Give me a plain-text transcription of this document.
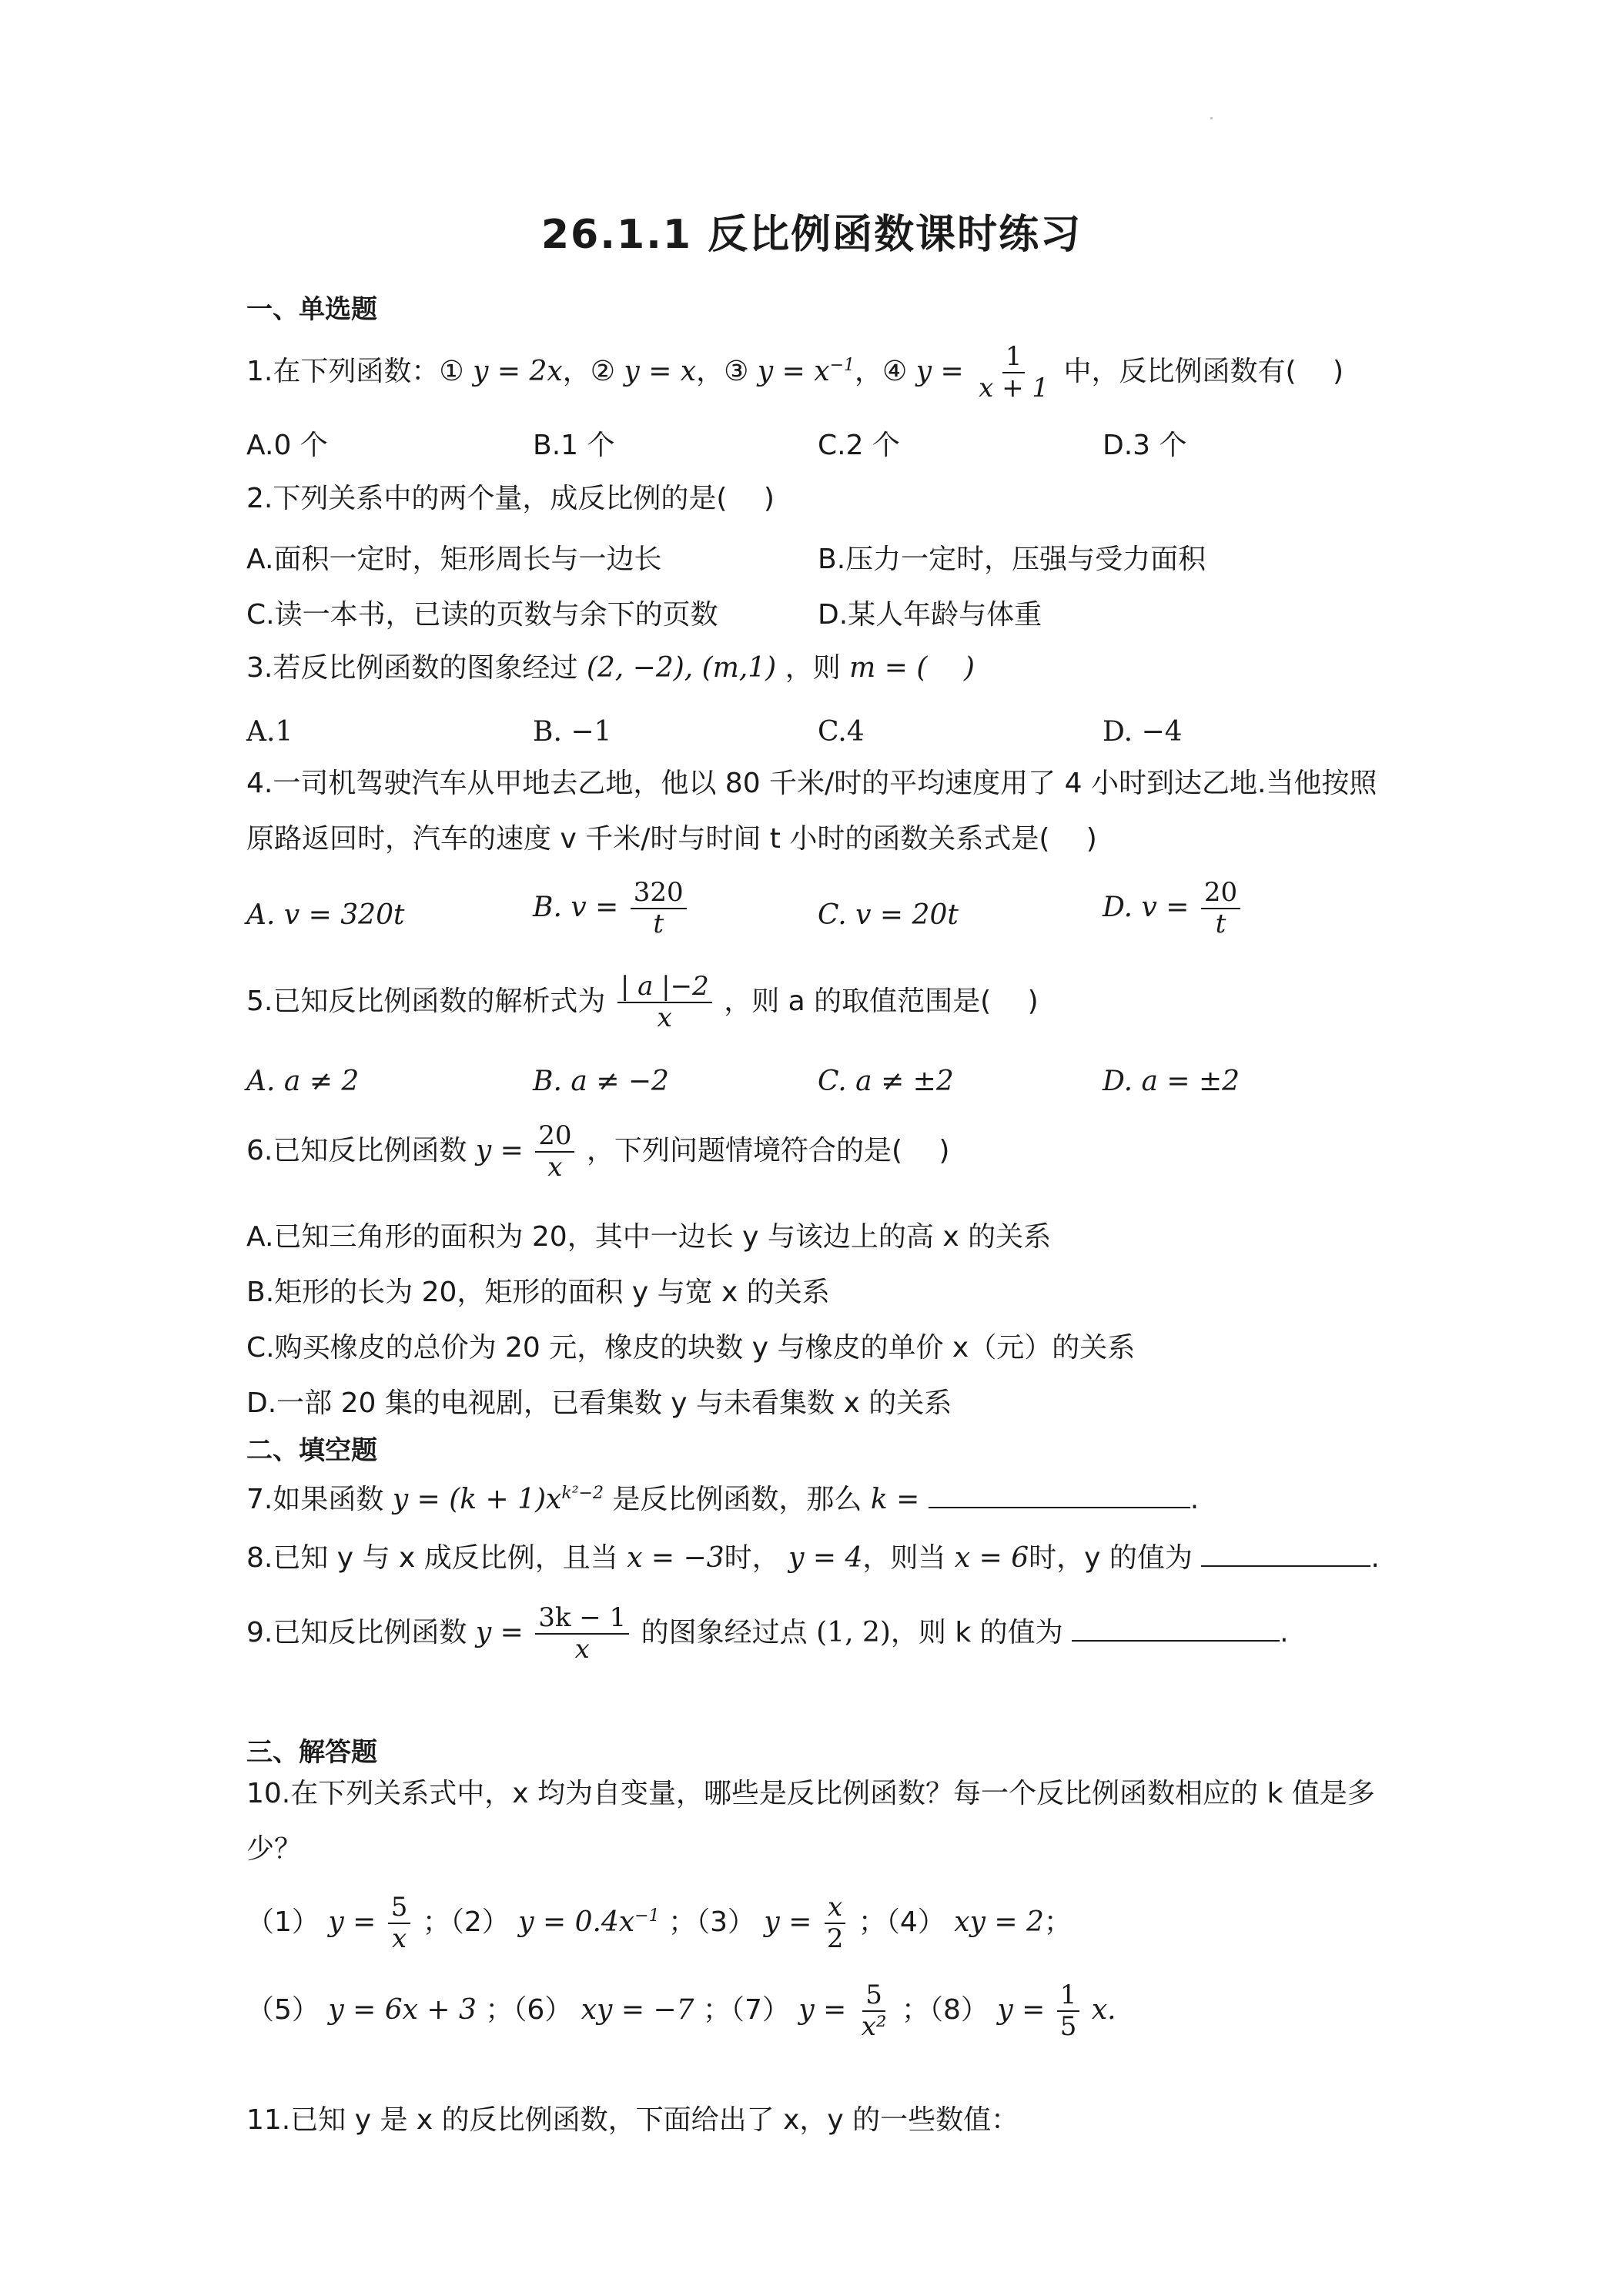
26.1.1 反比例函数课时练习
一、单选题
1.在下列函数：① y = 2x，② y = x，③ $y = x^{-1}$，④ $y = \frac{1}{x + 1}$ 中，反比例函数有(　 )
A.0 个	B.1 个	C.2 个	D.3 个
2.下列关系中的两个量，成反比例的是(　 )
A.面积一定时，矩形周长与一边长	B.压力一定时，压强与受力面积
C.读一本书，已读的页数与余下的页数	D.某人年龄与体重
3.若反比例函数的图象经过 (2, −2), (m,1) ，则 m = (　 )
A.1	B. −1	C.4	D. −4
4.一司机驾驶汽车从甲地去乙地，他以 80 千米/时的平均速度用了 4 小时到达乙地.当他按照
原路返回时，汽车的速度 v 千米/时与时间 t 小时的函数关系式是(　 )
A. v = 320t	B. $v = \frac{320}{t}$	C. v = 20t	D. $v = \frac{20}{t}$
5.已知反比例函数的解析式为 $\frac{| a |-2}{x}$ ，则 a 的取值范围是(　 )
A. a ≠ 2	B. a ≠ −2	C. a ≠ ±2	D. a = ±2
6.已知反比例函数 $y = \frac{20}{x}$ ，下列问题情境符合的是(　 )
A.已知三角形的面积为 20，其中一边长 y 与该边上的高 x 的关系
B.矩形的长为 20，矩形的面积 y 与宽 x 的关系
C.购买橡皮的总价为 20 元，橡皮的块数 y 与橡皮的单价 x（元）的关系
D.一部 20 集的电视剧，已看集数 y 与未看集数 x 的关系
二、填空题
7.如果函数 $y = (k + 1)x^{k^2-2}$ 是反比例函数，那么 k =	.
8.已知 y 与 x 成反比例，且当 x = −3时， y = 4，则当 x = 6时，y 的值为	.
9.已知反比例函数 $y = \frac{3k - 1}{x}$ 的图象经过点 (1, 2)，则 k 的值为	.
三、解答题
10.在下列关系式中，x 均为自变量，哪些是反比例函数？每一个反比例函数相应的 k 值是多
少？
（1） $y = \frac{5}{x}$ ；（2） $y = 0.4x^{-1}$ ；（3） $y = \frac{x}{2}$ ；（4） xy = 2；
（5） y = 6x + 3 ；（6） xy = −7 ；（7） $y = \frac{5}{\text{x²}}$ ；（8） $y = \frac{1}{5} x$.
11.已知 y 是 x 的反比例函数，下面给出了 x，y 的一些数值：
